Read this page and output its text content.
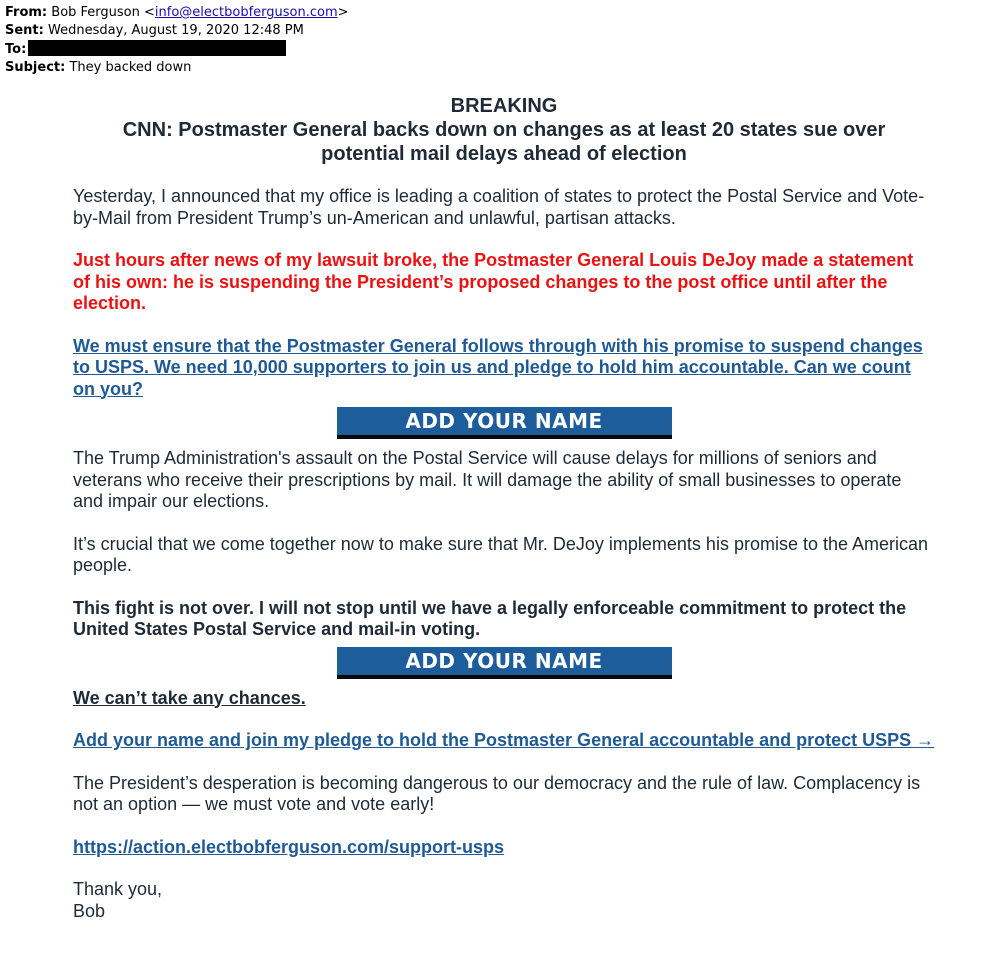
From: Bob Ferguson <info@electbobferguson.com>
Sent: Wednesday, August 19, 2020 12:48 PM
To:
Subject: They backed down
BREAKING
CNN: Postmaster General backs down on changes as at least 20 states sue over potential mail delays ahead of election

Yesterday, I announced that my office is leading a coalition of states to protect the Postal Service and Vote-by-Mail from President Trump’s un-American and unlawful, partisan attacks.

Just hours after news of my lawsuit broke, the Postmaster General Louis DeJoy made a statement of his own: he is suspending the President’s proposed changes to the post office until after the election.

We must ensure that the Postmaster General follows through with his promise to suspend changes to USPS. We need 10,000 supporters to join us and pledge to hold him accountable. Can we count on you?

ADD YOUR NAME

The Trump Administration's assault on the Postal Service will cause delays for millions of seniors and veterans who receive their prescriptions by mail. It will damage the ability of small businesses to operate and impair our elections.

It’s crucial that we come together now to make sure that Mr. DeJoy implements his promise to the American people.

This fight is not over. I will not stop until we have a legally enforceable commitment to protect the United States Postal Service and mail-in voting.

ADD YOUR NAME

We can’t take any chances.

Add your name and join my pledge to hold the Postmaster General accountable and protect USPS →

The President’s desperation is becoming dangerous to our democracy and the rule of law. Complacency is not an option — we must vote and vote early!

https://action.electbobferguson.com/support-usps

Thank you,
Bob
